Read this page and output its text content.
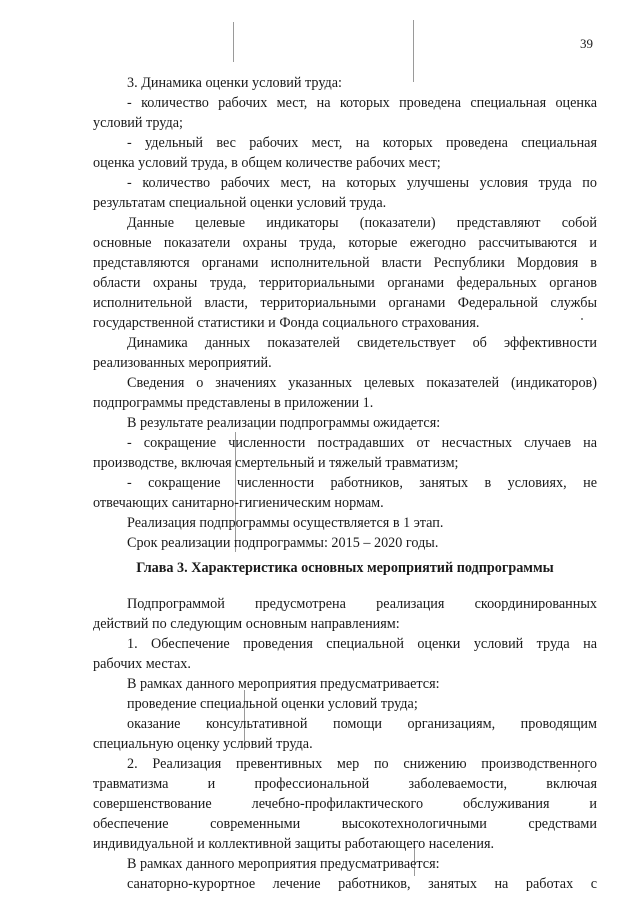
39
3. Динамика оценки условий труда:
- количество рабочих мест, на которых проведена специальная оценка
условий труда;
- удельный вес рабочих мест, на которых проведена специальная
оценка условий труда, в общем количестве рабочих мест;
- количество рабочих мест, на которых улучшены условия труда по
результатам специальной оценки условий труда.
Данные целевые индикаторы (показатели) представляют собой
основные показатели охраны труда, которые ежегодно рассчитываются и
представляются органами исполнительной власти Республики Мордовия в
области охраны труда, территориальными органами федеральных органов
исполнительной власти, территориальными органами Федеральной службы
государственной статистики и Фонда социального страхования.
Динамика данных показателей свидетельствует об эффективности
реализованных мероприятий.
Сведения о значениях указанных целевых показателей (индикаторов)
подпрограммы представлены в приложении 1.
В результате реализации подпрограммы ожидается:
- сокращение численности пострадавших от несчастных случаев на
производстве, включая смертельный и тяжелый травматизм;
- сокращение численности работников, занятых в условиях, не
отвечающих санитарно-гигиеническим нормам.
Реализация подпрограммы осуществляется в 1 этап.
Срок реализации подпрограммы: 2015 – 2020 годы.
Глава 3. Характеристика основных мероприятий подпрограммы
Подпрограммой предусмотрена реализация скоординированных
действий по следующим основным направлениям:
1. Обеспечение проведения специальной оценки условий труда на
рабочих местах.
В рамках данного мероприятия предусматривается:
проведение специальной оценки условий труда;
оказание консультативной помощи организациям, проводящим
специальную оценку условий труда.
2. Реализация превентивных мер по снижению производственного
травматизма и профессиональной заболеваемости, включая
совершенствование лечебно-профилактического обслуживания и
обеспечение современными высокотехнологичными средствами
индивидуальной и коллективной защиты работающего населения.
В рамках данного мероприятия предусматривается:
санаторно-курортное лечение работников, занятых на работах с
